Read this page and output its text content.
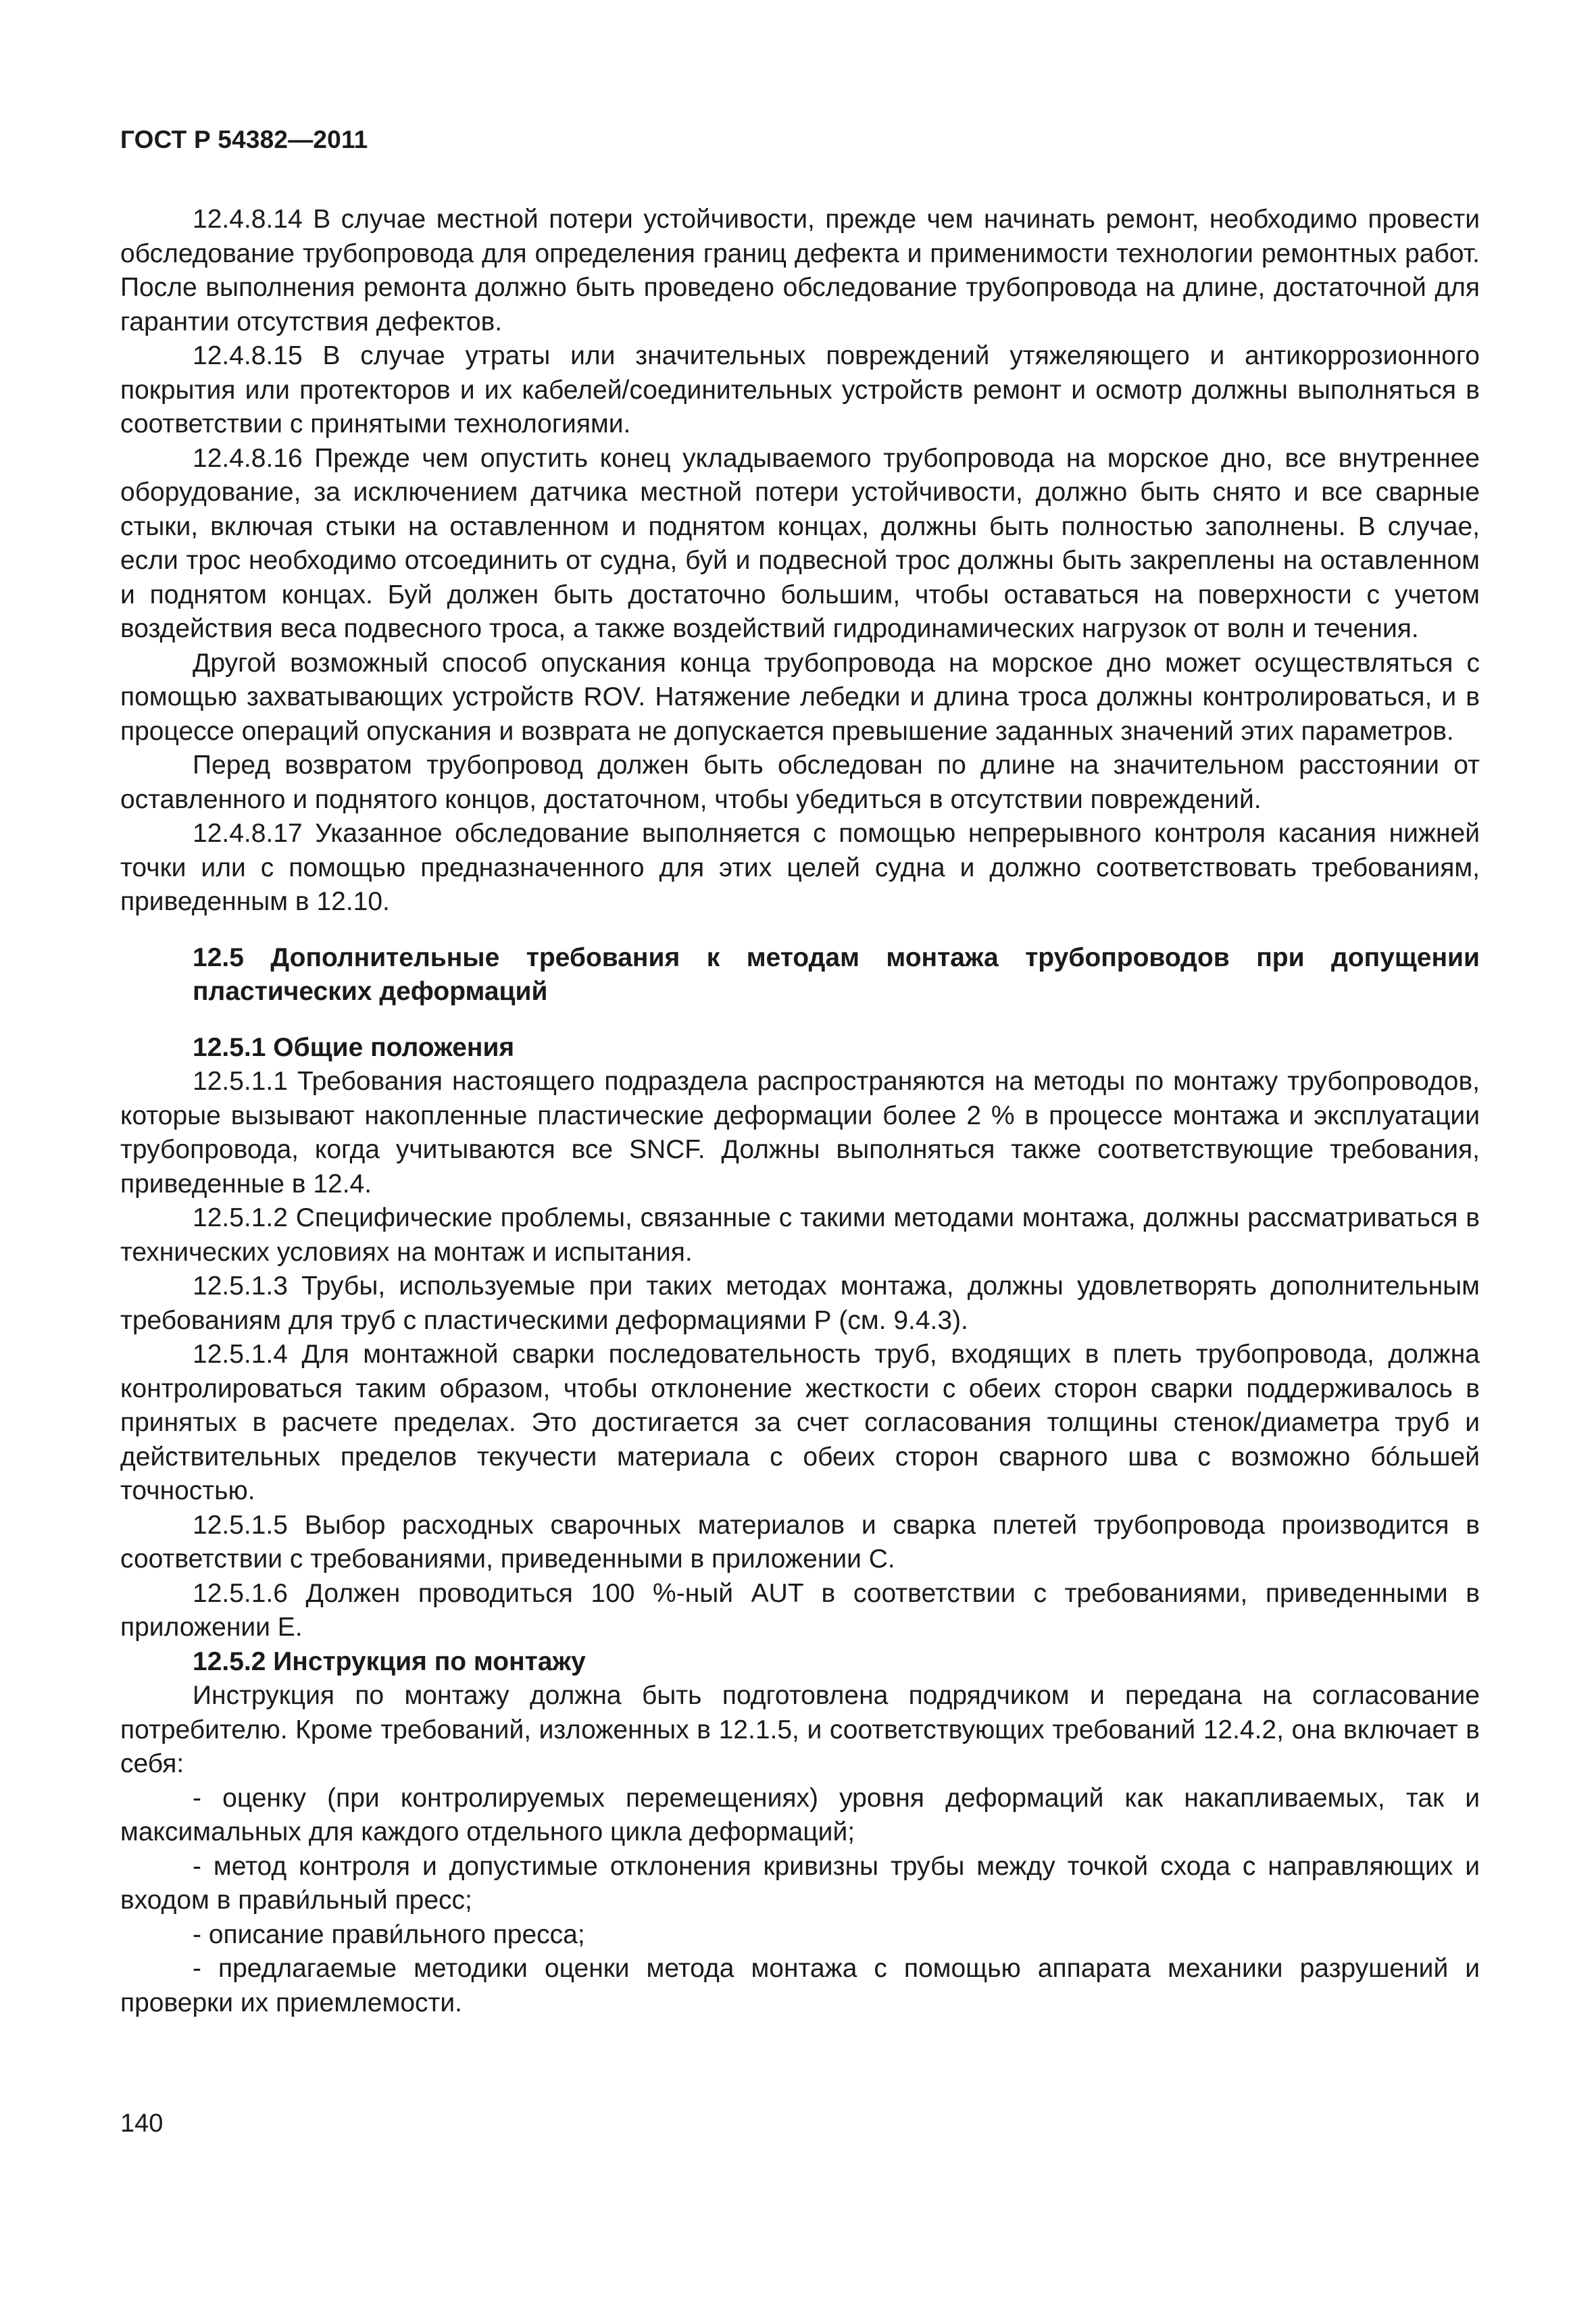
ГОСТ Р 54382—2011

12.4.8.14 В случае местной потери устойчивости, прежде чем начинать ремонт, необходимо провести обследование трубопровода для определения границ дефекта и применимости технологии ремонтных работ. После выполнения ремонта должно быть проведено обследование трубопровода на длине, достаточной для гарантии отсутствия дефектов.

12.4.8.15 В случае утраты или значительных повреждений утяжеляющего и антикоррозионного покрытия или протекторов и их кабелей/соединительных устройств ремонт и осмотр должны выполняться в соответствии с принятыми технологиями.

12.4.8.16 Прежде чем опустить конец укладываемого трубопровода на морское дно, все внутреннее оборудование, за исключением датчика местной потери устойчивости, должно быть снято и все сварные стыки, включая стыки на оставленном и поднятом концах, должны быть полностью заполнены. В случае, если трос необходимо отсоединить от судна, буй и подвесной трос должны быть закреплены на оставленном и поднятом концах. Буй должен быть достаточно большим, чтобы оставаться на поверхности с учетом воздействия веса подвесного троса, а также воздействий гидродинамических нагрузок от волн и течения.

Другой возможный способ опускания конца трубопровода на морское дно может осуществляться с помощью захватывающих устройств ROV. Натяжение лебедки и длина троса должны контролироваться, и в процессе операций опускания и возврата не допускается превышение заданных значений этих параметров.

Перед возвратом трубопровод должен быть обследован по длине на значительном расстоянии от оставленного и поднятого концов, достаточном, чтобы убедиться в отсутствии повреждений.

12.4.8.17 Указанное обследование выполняется с помощью непрерывного контроля касания нижней точки или с помощью предназначенного для этих целей судна и должно соответствовать требованиям, приведенным в 12.10.

12.5 Дополнительные требования к методам монтажа трубопроводов при допущении пластических деформаций
12.5.1 Общие положения

12.5.1.1 Требования настоящего подраздела распространяются на методы по монтажу трубопроводов, которые вызывают накопленные пластические деформации более 2 % в процессе монтажа и эксплуатации трубопровода, когда учитываются все SNCF. Должны выполняться также соответствующие требования, приведенные в 12.4.

12.5.1.2 Специфические проблемы, связанные с такими методами монтажа, должны рассматриваться в технических условиях на монтаж и испытания.

12.5.1.3 Трубы, используемые при таких методах монтажа, должны удовлетворять дополнительным требованиям для труб с пластическими деформациями Р (см. 9.4.3).

12.5.1.4 Для монтажной сварки последовательность труб, входящих в плеть трубопровода, должна контролироваться таким образом, чтобы отклонение жесткости с обеих сторон сварки поддерживалось в принятых в расчете пределах. Это достигается за счет согласования толщины стенок/диаметра труб и действительных пределов текучести материала с обеих сторон сварного шва с возможно бóльшей точностью.

12.5.1.5 Выбор расходных сварочных материалов и сварка плетей трубопровода производится в соответствии с требованиями, приведенными в приложении С.

12.5.1.6 Должен проводиться 100 %-ный AUT в соответствии с требованиями, приведенными в приложении Е.

12.5.2 Инструкция по монтажу

Инструкция по монтажу должна быть подготовлена подрядчиком и передана на согласование потребителю. Кроме требований, изложенных в 12.1.5, и соответствующих требований 12.4.2, она включает в себя:

- оценку (при контролируемых перемещениях) уровня деформаций как накапливаемых, так и максимальных для каждого отдельного цикла деформаций;

- метод контроля и допустимые отклонения кривизны трубы между точкой схода с направляющих и входом в прави́льный пресс;

- описание прави́льного пресса;

- предлагаемые методики оценки метода монтажа с помощью аппарата механики разрушений и проверки их приемлемости.

140
